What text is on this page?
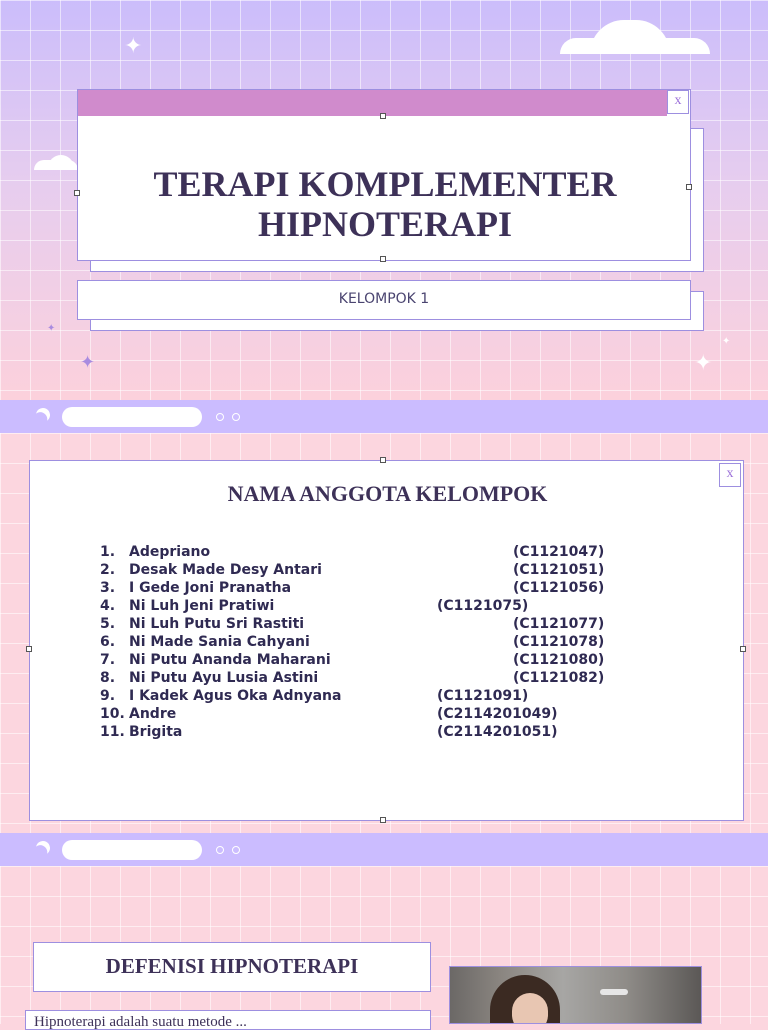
✦
✦
✦
✦
✦
x
TERAPI KOMPLEMENTER
HIPNOTERAPI
KELOMPOK 1
x
NAMA ANGGOTA KELOMPOK
1. Adepriano	(C1121047)
2. Desak Made Desy Antari	(C1121051)
3. I Gede Joni Pranatha	(C1121056)
4. Ni Luh Jeni Pratiwi	(C1121075)
5. Ni Luh Putu Sri Rastiti	(C1121077)
6. Ni Made Sania Cahyani	(C1121078)
7. Ni Putu Ananda Maharani	(C1121080)
8. Ni Putu Ayu Lusia Astini	(C1121082)
9. I Kadek Agus Oka Adnyana	(C1121091)
10. Andre	(C2114201049)
11. Brigita	(C2114201051)
DEFENISI HIPNOTERAPI
Hipnoterapi adalah suatu metode ...
